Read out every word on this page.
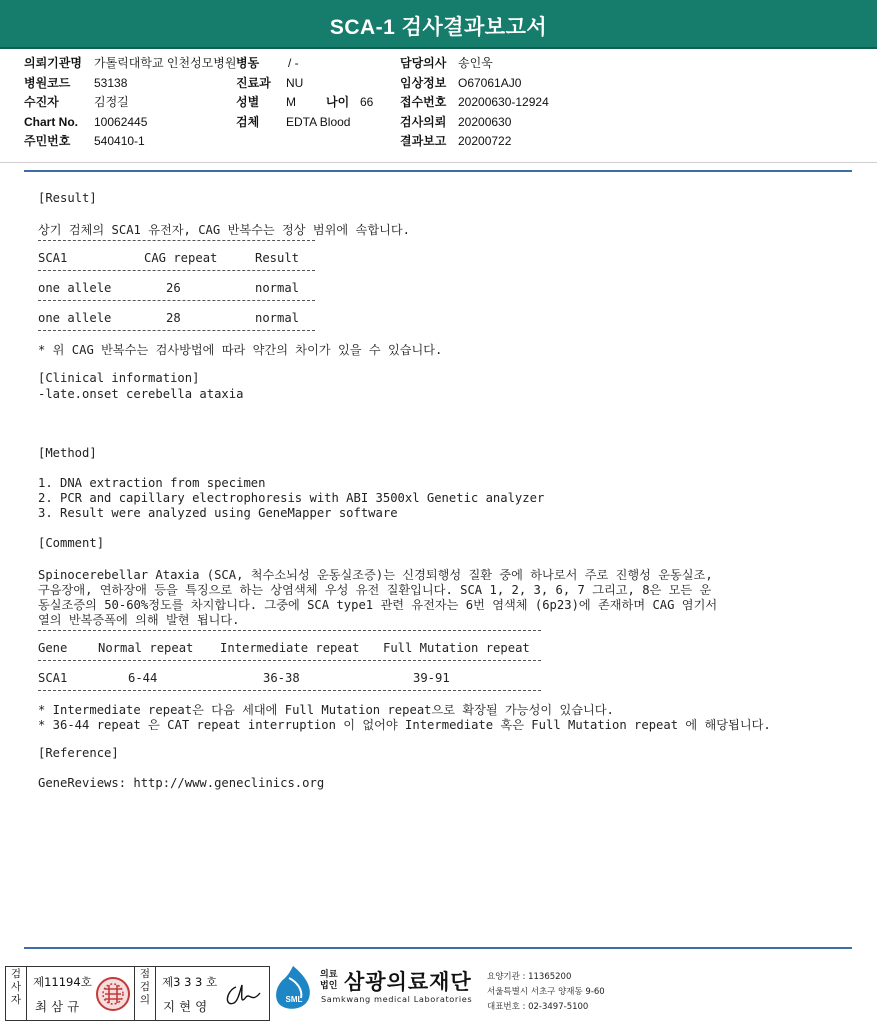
SCA-1 검사결과보고서
의뢰기관명 가톨릭대학교 인천성모병원
병원코드 53138
수진자	김정길
Chart No. 10062445
주민번호 540410-1
병동 / -
진료과 NU
성별 M	나이 66
검체 EDTA Blood
담당의사 송인욱
임상정보 O67061AJ0
접수번호 20200630-12924
검사의뢰 20200630
결과보고 20200722
[Result]
상기 검체의 SCA1 유전자, CAG 반복수는 정상 범위에 속합니다.
SCA1	CAG repeat	Result
one allele	26	normal
one allele	28	normal
* 위 CAG 반복수는 검사방법에 따라 약간의 차이가 있을 수 있습니다.
[Clinical information]
-late.onset cerebella ataxia
[Method]
1. DNA extraction from specimen
2. PCR and capillary electrophoresis with ABI 3500xl Genetic analyzer
3. Result were analyzed using GeneMapper software
[Comment]
Spinocerebellar Ataxia (SCA, 척수소뇌성 운동실조증)는 신경퇴행성 질환 중에 하나로서 주로 진행성 운동실조,
구음장애, 연하장애 등을 특징으로 하는 상염색체 우성 유전 질환입니다. SCA 1, 2, 3, 6, 7 그리고, 8은 모든 운
동실조증의 50-60%정도를 차지합니다. 그중에 SCA type1 관련 유전자는 6번 염색체 (6p23)에 존재하며 CAG 염기서
열의 반복증폭에 의해 발현 됩니다.
Gene	Normal repeat Intermediate repeat Full Mutation repeat
SCA1	6-44	36-38	39-91
* Intermediate repeat은 다음 세대에 Full Mutation repeat으로 확장될 가능성이 있습니다.
* 36-44 repeat 은 CAT repeat interruption 이 없어야 Intermediate 혹은 Full Mutation repeat 에 해당됩니다.
[Reference]
GeneReviews: http://www.geneclinics.org
검사자
제11194호
최 삼 규
점검의
제3 3 3 호
지 현 영	SML
의료
법인 삼광의료재단
Samkwang medical Laboratories
요양기관 : 11365200
서울특별시 서초구 양재동 9-60
대표번호 : 02-3497-5100
